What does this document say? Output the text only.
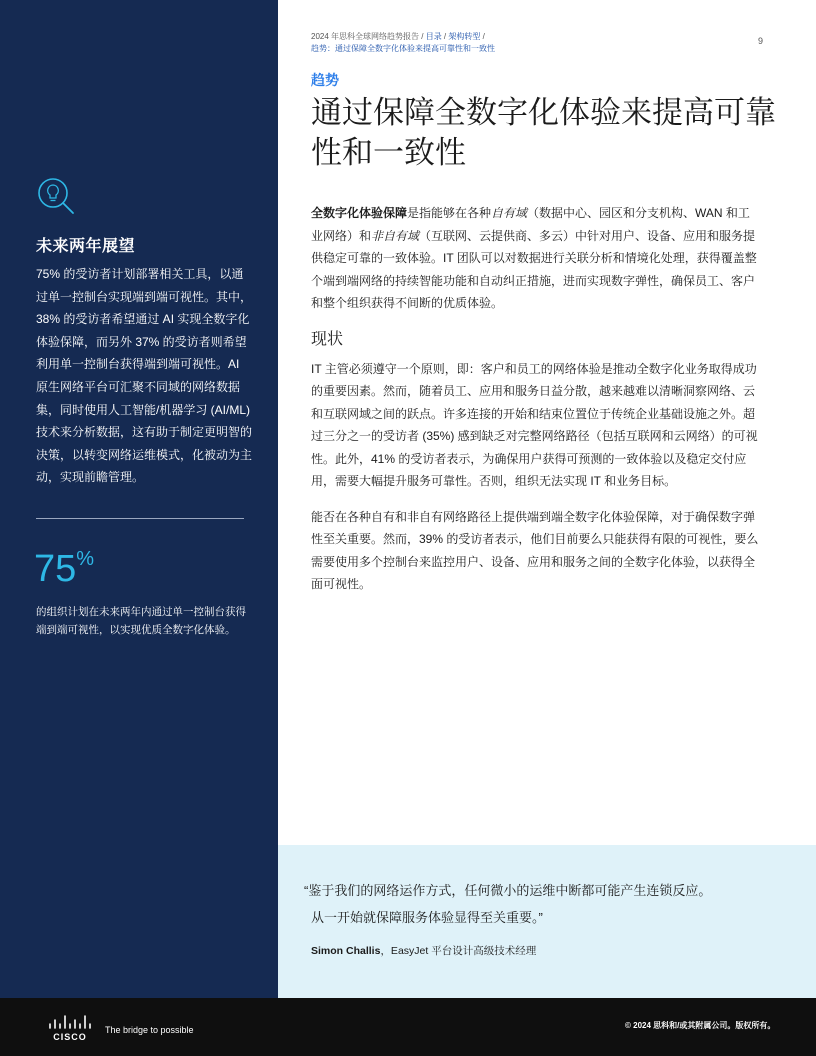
未来两年展望
75% 的受访者计划部署相关工具，以通过单一控制台实现端到端可视性。其中，38% 的受访者希望通过 AI 实现全数字化体验保障，而另外 37% 的受访者则希望利用单一控制台获得端到端可视性。AI 原生网络平台可汇聚不同域的网络数据集，同时使用人工智能/机器学习 (AI/ML) 技术来分析数据，这有助于制定更明智的决策，以转变网络运维模式，化被动为主动，实现前瞻管理。
75%
的组织计划在未来两年内通过单一控制台获得端到端可视性，以实现优质全数字化体验。
2024 年思科全球网络趋势报告 / 目录 / 架构转型 /
趋势：通过保障全数字化体验来提高可靠性和一致性
9
趋势
通过保障全数字化体验来提高可靠性和一致性

全数字化体验保障是指能够在各种自有域（数据中心、园区和分支机构、WAN 和工业网络）和非自有域（互联网、云提供商、多云）中针对用户、设备、应用和服务提供稳定可靠的一致体验。IT 团队可以对数据进行关联分析和情境化处理，获得覆盖整个端到端网络的持续智能功能和自动纠正措施，进而实现数字弹性，确保员工、客户和整个组织获得不间断的优质体验。

现状

IT 主管必须遵守一个原则，即：客户和员工的网络体验是推动全数字化业务取得成功的重要因素。然而，随着员工、应用和服务日益分散，越来越难以清晰洞察网络、云和互联网域之间的跃点。许多连接的开始和结束位置位于传统企业基础设施之外。超过三分之一的受访者 (35%) 感到缺乏对完整网络路径（包括互联网和云网络）的可视性。此外，41% 的受访者表示，为确保用户获得可预测的一致体验以及稳定交付应用，需要大幅提升服务可靠性。否则，组织无法实现 IT 和业务目标。

能否在各种自有和非自有网络路径上提供端到端全数字化体验保障，对于确保数字弹性至关重要。然而，39% 的受访者表示，他们目前要么只能获得有限的可视性，要么需要使用多个控制台来监控用户、设备、应用和服务之间的全数字化体验，以获得全面可视性。

“鉴于我们的网络运作方式，任何微小的运维中断都可能产生连锁反应。
从一开始就保障服务体验显得至关重要。”
Simon Challis，EasyJet 平台设计高级技术经理
CISCO
The bridge to possible	© 2024 思科和/或其附属公司。版权所有。
